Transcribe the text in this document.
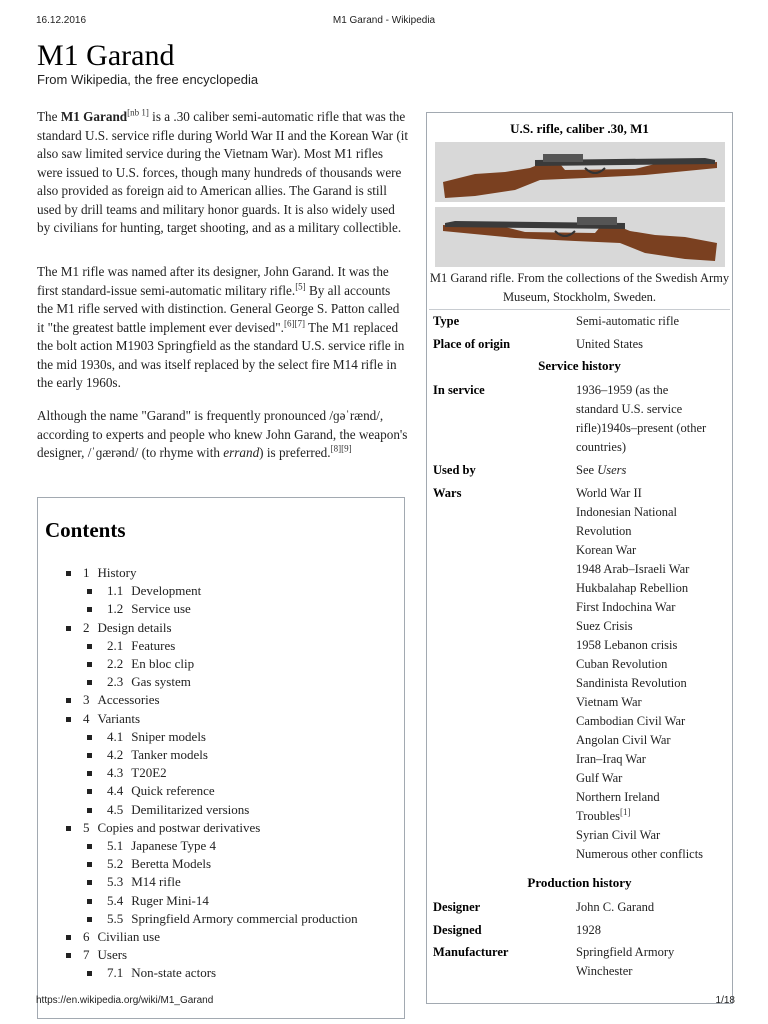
16.12.2016	M1 Garand - Wikipedia
M1 Garand
From Wikipedia, the free encyclopedia

The M1 Garand[nb 1] is a .30 caliber semi-automatic rifle that was the standard U.S. service rifle during World War II and the Korean War (it also saw limited service during the Vietnam War). Most M1 rifles were issued to U.S. forces, though many hundreds of thousands were also provided as foreign aid to American allies. The Garand is still used by drill teams and military honor guards. It is also widely used by civilians for hunting, target shooting, and as a military collectible.

The M1 rifle was named after its designer, John Garand. It was the first standard-issue semi-automatic military rifle.[5] By all accounts the M1 rifle served with distinction. General George S. Patton called it "the greatest battle implement ever devised".[6][7] The M1 replaced the bolt action M1903 Springfield as the standard U.S. service rifle in the mid 1930s, and was itself replaced by the select fire M14 rifle in the early 1960s.

Although the name "Garand" is frequently pronounced /ɡəˈrænd/, according to experts and people who knew John Garand, the weapon's designer, /ˈɡærənd/ (to rhyme with errand) is preferred.[8][9]

Contents
1 History
1.1 Development
1.2 Service use
2 Design details
2.1 Features
2.2 En bloc clip
2.3 Gas system
3 Accessories
4 Variants
4.1 Sniper models
4.2 Tanker models
4.3 T20E2
4.4 Quick reference
4.5 Demilitarized versions
5 Copies and postwar derivatives
5.1 Japanese Type 4
5.2 Beretta Models
5.3 M14 rifle
5.4 Ruger Mini-14
5.5 Springfield Armory commercial production
6 Civilian use
7 Users
7.1 Non-state actors
U.S. rifle, caliber .30, M1
M1 Garand rifle. From the collections of the Swedish Army Museum, Stockholm, Sweden.
Type	Semi-automatic rifle
Place of origin	United States
Service history
In service	1936–1959 (as the
standard U.S. service
rifle)1940s–present (other
countries)
Used by	See Users
Wars	World War II
Indonesian National
Revolution
Korean War
1948 Arab–Israeli War
Hukbalahap Rebellion
First Indochina War
Suez Crisis
1958 Lebanon crisis
Cuban Revolution
Sandinista Revolution
Vietnam War
Cambodian Civil War
Angolan Civil War
Iran–Iraq War
Gulf War
Northern Ireland
Troubles[1]
Syrian Civil War
Numerous other conflicts
Production history
Designer	John C. Garand
Designed	1928
Manufacturer	Springfield Armory
Winchester
https://en.wikipedia.org/wiki/M1_Garand	1/18
